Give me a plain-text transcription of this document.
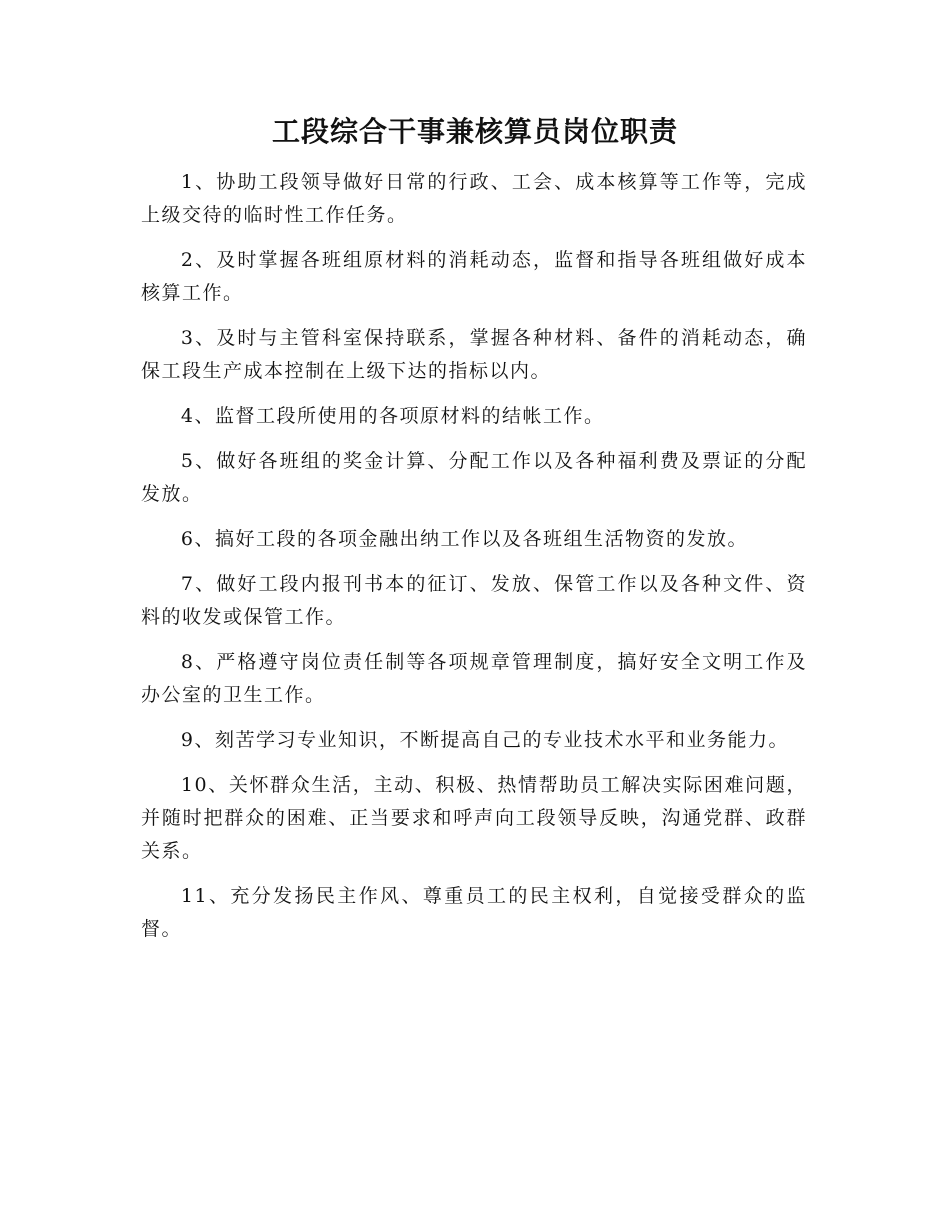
工段综合干事兼核算员岗位职责

1、协助工段领导做好日常的行政、工会、成本核算等工作等，完成上级交待的临时性工作任务。

2、及时掌握各班组原材料的消耗动态，监督和指导各班组做好成本核算工作。

3、及时与主管科室保持联系，掌握各种材料、备件的消耗动态，确保工段生产成本控制在上级下达的指标以内。

4、监督工段所使用的各项原材料的结帐工作。

5、做好各班组的奖金计算、分配工作以及各种福利费及票证的分配发放。

6、搞好工段的各项金融出纳工作以及各班组生活物资的发放。

7、做好工段内报刊书本的征订、发放、保管工作以及各种文件、资料的收发或保管工作。

8、严格遵守岗位责任制等各项规章管理制度，搞好安全文明工作及办公室的卫生工作。

9、刻苦学习专业知识，不断提高自己的专业技术水平和业务能力。

10、关怀群众生活，主动、积极、热情帮助员工解决实际困难问题，并随时把群众的困难、正当要求和呼声向工段领导反映，沟通党群、政群关系。

11、充分发扬民主作风、尊重员工的民主权利，自觉接受群众的监督。
